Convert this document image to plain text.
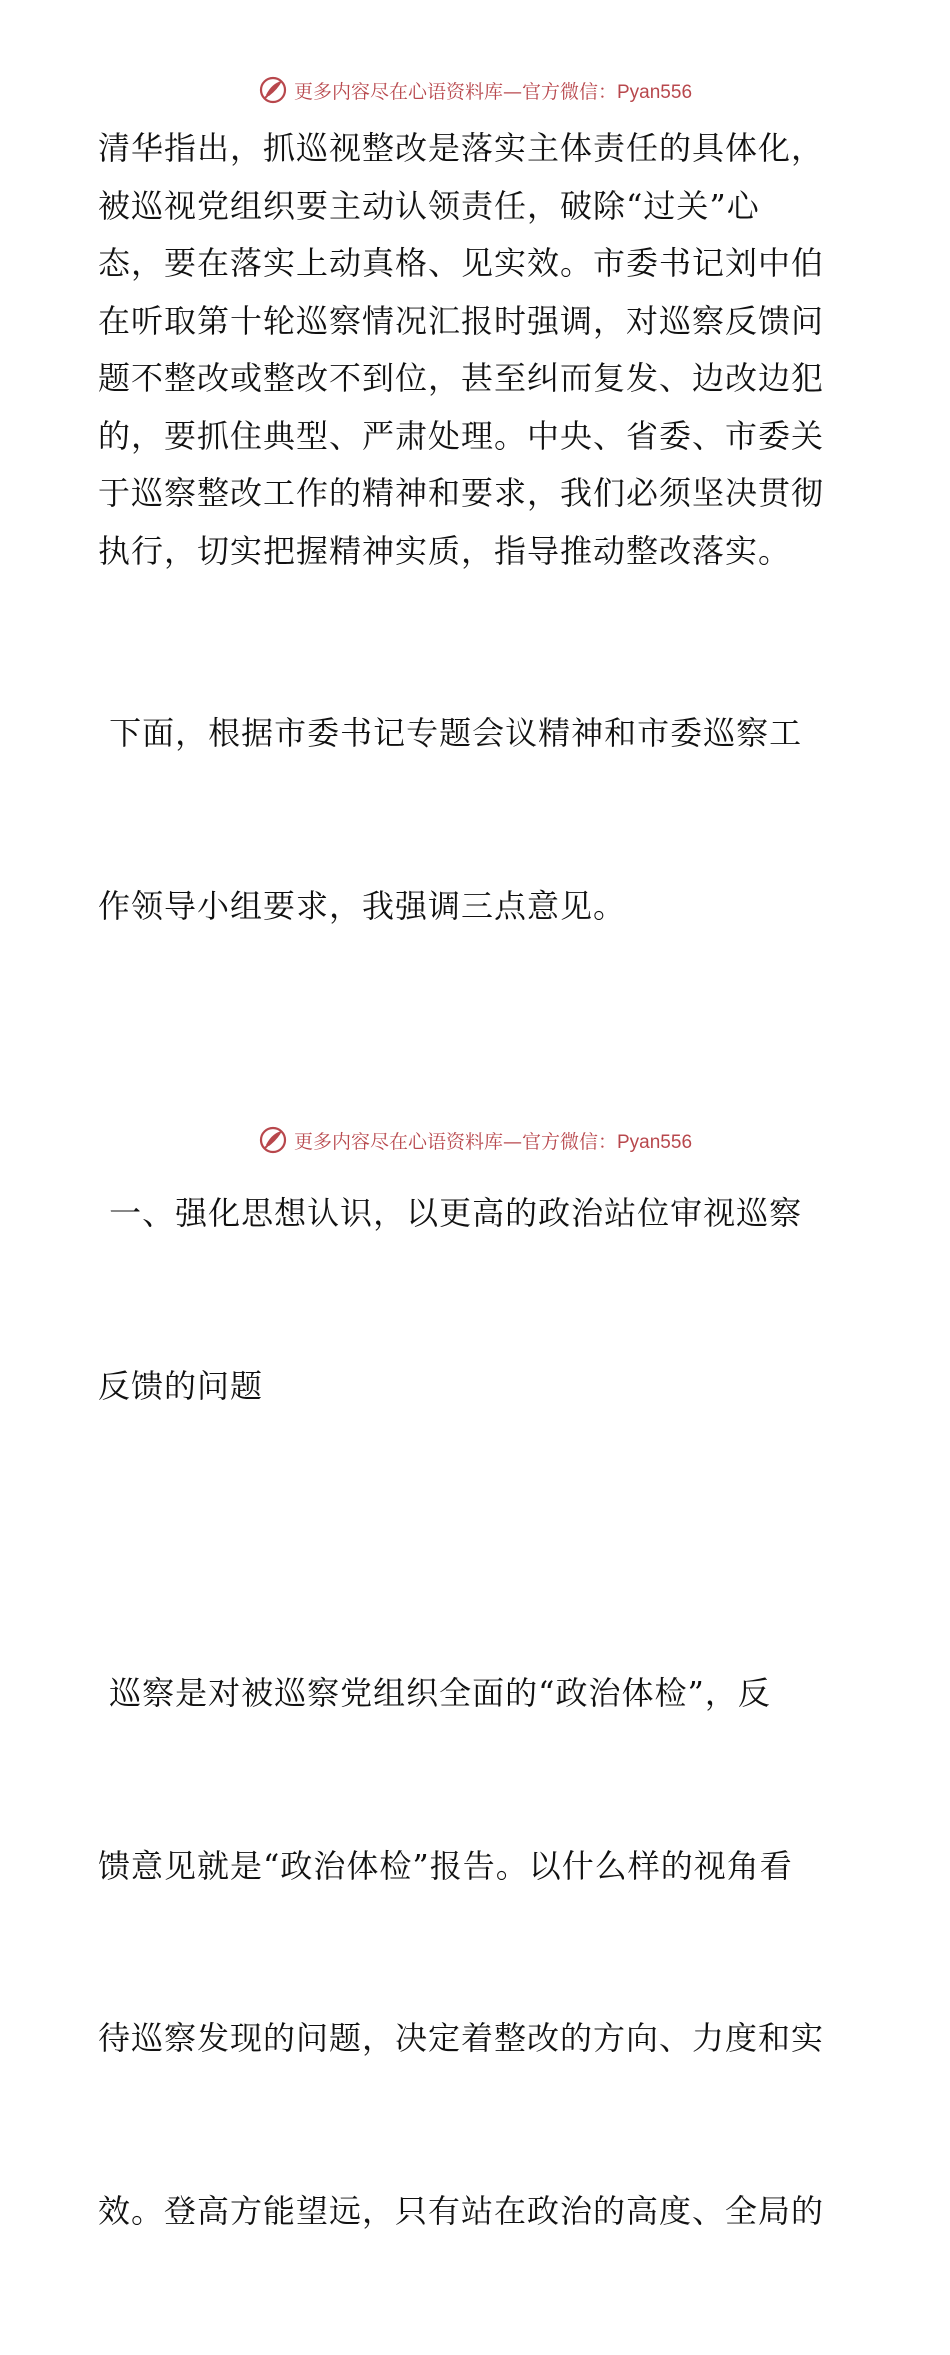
更多内容尽在心语资料库—官方微信：Pyan556

清华指出，抓巡视整改是落实主体责任的具体化，
被巡视党组织要主动认领责任，破除“过关”心
态，要在落实上动真格、见实效。市委书记刘中伯
在听取第十轮巡察情况汇报时强调，对巡察反馈问
题不整改或整改不到位，甚至纠而复发、边改边犯
的，要抓住典型、严肃处理。中央、省委、市委关
于巡察整改工作的精神和要求，我们必须坚决贯彻
执行，切实把握精神实质，指导推动整改落实。

下面，根据市委书记专题会议精神和市委巡察工

作领导小组要求，我强调三点意见。

一、强化思想认识，以更高的政治站位审视巡察

反馈的问题

巡察是对被巡察党组织全面的“政治体检”，反

馈意见就是“政治体检”报告。以什么样的视角看

待巡察发现的问题，决定着整改的方向、力度和实

效。登高方能望远，只有站在政治的高度、全局的

更多内容尽在心语资料库—官方微信：Pyan556
